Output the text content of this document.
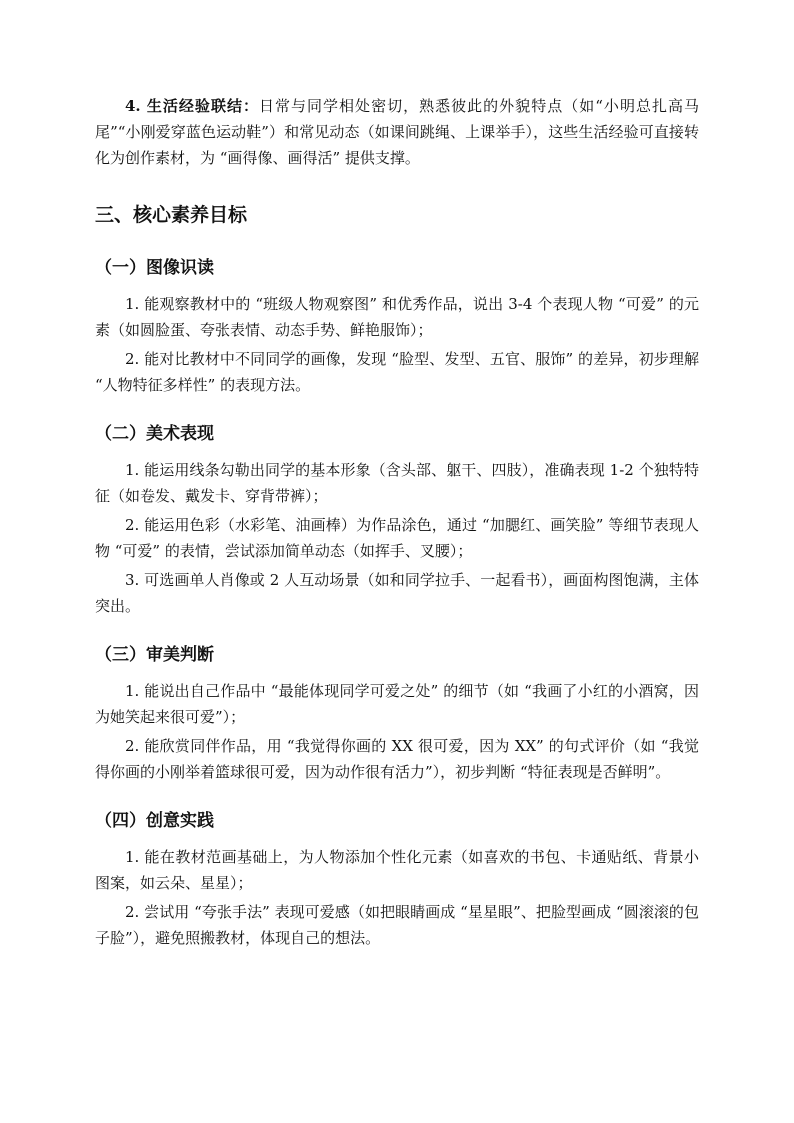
4. 生活经验联结：日常与同学相处密切，熟悉彼此的外貌特点（如“小明总扎高马尾”“小刚爱穿蓝色运动鞋”）和常见动态（如课间跳绳、上课举手），这些生活经验可直接转化为创作素材，为 “画得像、画得活” 提供支撑。

三、核心素养目标
（一）图像识读

1. 能观察教材中的 “班级人物观察图” 和优秀作品，说出 3-4 个表现人物 “可爱” 的元素（如圆脸蛋、夸张表情、动态手势、鲜艳服饰）；

2. 能对比教材中不同同学的画像，发现 “脸型、发型、五官、服饰” 的差异，初步理解 “人物特征多样性” 的表现方法。

（二）美术表现

1. 能运用线条勾勒出同学的基本形象（含头部、躯干、四肢），准确表现 1-2 个独特特征（如卷发、戴发卡、穿背带裤）；

2. 能运用色彩（水彩笔、油画棒）为作品涂色，通过 “加腮红、画笑脸” 等细节表现人物 “可爱” 的表情，尝试添加简单动态（如挥手、叉腰）；

3. 可选画单人肖像或 2 人互动场景（如和同学拉手、一起看书），画面构图饱满，主体突出。

（三）审美判断

1. 能说出自己作品中 “最能体现同学可爱之处” 的细节（如 “我画了小红的小酒窝，因为她笑起来很可爱”）；

2. 能欣赏同伴作品，用 “我觉得你画的 XX 很可爱，因为 XX” 的句式评价（如 “我觉得你画的小刚举着篮球很可爱，因为动作很有活力”），初步判断 “特征表现是否鲜明”。

（四）创意实践

1. 能在教材范画基础上，为人物添加个性化元素（如喜欢的书包、卡通贴纸、背景小图案，如云朵、星星）；

2. 尝试用 “夸张手法” 表现可爱感（如把眼睛画成 “星星眼”、把脸型画成 “圆滚滚的包子脸”），避免照搬教材，体现自己的想法。
